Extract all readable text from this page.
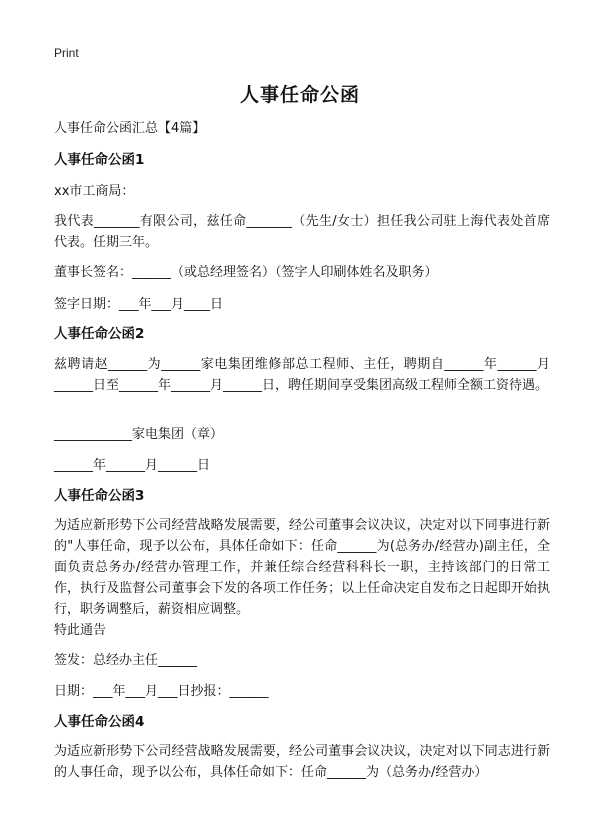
Print
人事任命公函
人事任命公函汇总【4篇】
人事任命公函1
xx市工商局：
我代表_______有限公司，兹任命_______（先生/女士）担任我公司驻上海代表处首席代表。任期三年。
董事长签名：______（或总经理签名）（签字人印刷体姓名及职务）
签字日期：___年___月____日
人事任命公函2
兹聘请赵______为______家电集团维修部总工程师、主任，聘期自______年______月______日至______年______月______日，聘任期间享受集团高级工程师全额工资待遇。
____________家电集团（章）
______年______月______日
人事任命公函3
为适应新形势下公司经营战略发展需要，经公司董事会议决议，决定对以下同事进行新的"人事任命，现予以公布，具体任命如下：任命______为(总务办/经营办)副主任，全面负责总务办/经营办管理工作，并兼任综合经营科科长一职，主持该部门的日常工作，执行及监督公司董事会下发的各项工作任务；以上任命决定自发布之日起即开始执行，职务调整后，薪资相应调整。
特此通告
签发：总经办主任______
日期：___年___月___日抄报：______
人事任命公函4
为适应新形势下公司经营战略发展需要，经公司董事会议决议，决定对以下同志进行新的人事任命，现予以公布，具体任命如下：任命______为（总务办/经营办）
